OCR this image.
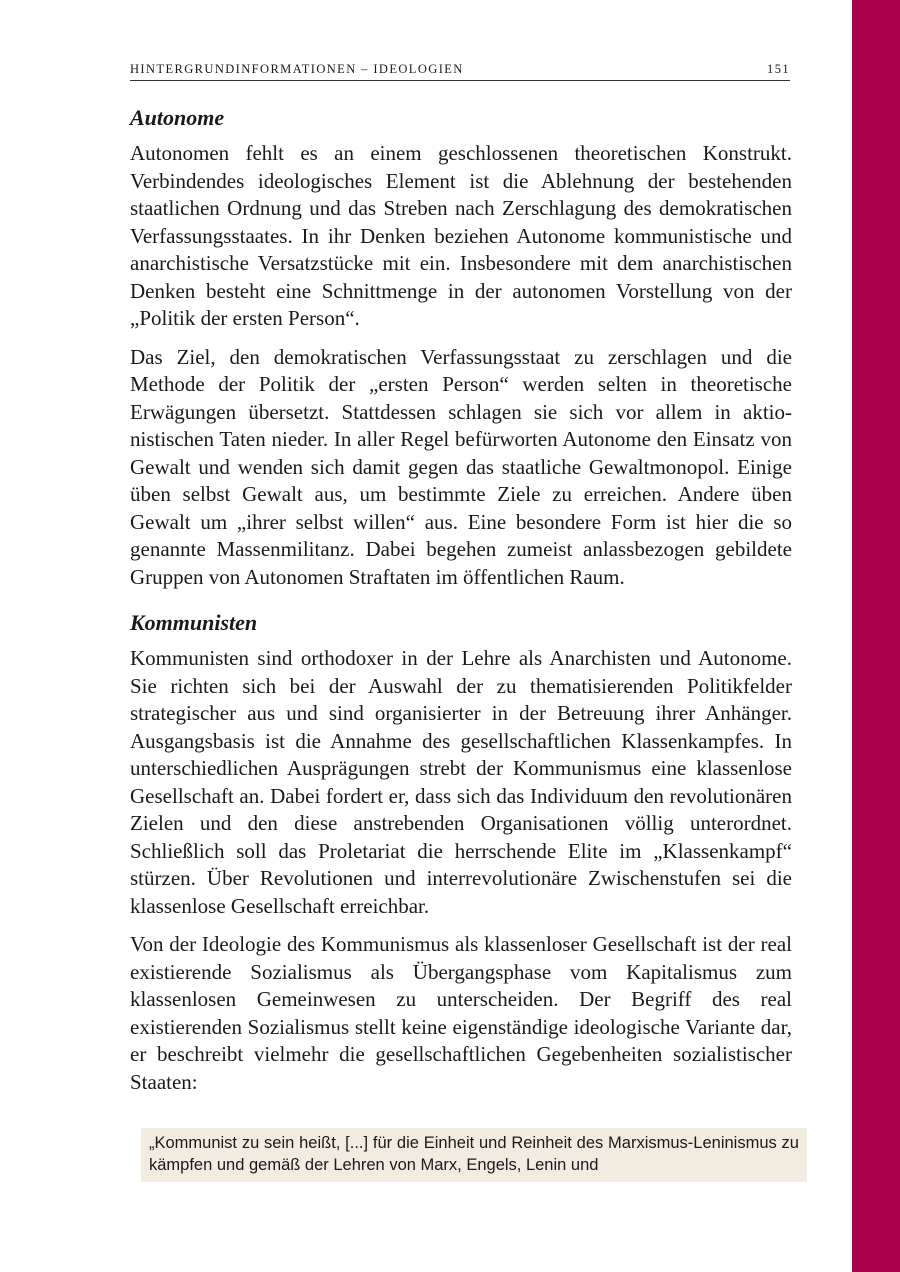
HINTERGRUNDINFORMATIONEN – IDEOLOGIEN	151
Autonome

Autonomen fehlt es an einem geschlossenen theoretischen Konstrukt. Verbindendes ideologisches Element ist die Ablehnung der bestehenden staatlichen Ordnung und das Streben nach Zerschlagung des demokratischen Verfassungsstaates. In ihr Denken beziehen Autonome kommunistische und anarchistische Versatzstücke mit ein. Insbesondere mit dem anarchistischen Denken besteht eine Schnittmenge in der autonomen Vorstellung von der „Politik der ersten Person“.

Das Ziel, den demokratischen Verfassungsstaat zu zerschlagen und die Methode der Politik der „ersten Person“ werden selten in theoretische Erwägungen übersetzt. Stattdessen schlagen sie sich vor allem in aktionistischen Taten nieder. In aller Regel befürworten Autonome den Einsatz von Gewalt und wenden sich damit gegen das staatliche Gewaltmonopol. Einige üben selbst Gewalt aus, um bestimmte Ziele zu erreichen. Andere üben Gewalt um „ihrer selbst willen“ aus. Eine besondere Form ist hier die so genannte Massenmilitanz. Dabei begehen zumeist anlassbezogen gebildete Gruppen von Autonomen Straftaten im öffentlichen Raum.

Kommunisten

Kommunisten sind orthodoxer in der Lehre als Anarchisten und Autonome. Sie richten sich bei der Auswahl der zu thematisierenden Politikfelder strategischer aus und sind organisierter in der Betreuung ihrer Anhänger. Ausgangsbasis ist die Annahme des gesellschaftlichen Klassenkampfes. In unterschiedlichen Ausprägungen strebt der Kommunismus eine klassenlose Gesellschaft an. Dabei fordert er, dass sich das Individuum den revolutionären Zielen und den diese anstrebenden Organisationen völlig unterordnet. Schließlich soll das Proletariat die herrschende Elite im „Klassenkampf“ stürzen. Über Revolutionen und interrevolutionäre Zwischenstufen sei die klassenlose Gesellschaft erreichbar.

Von der Ideologie des Kommunismus als klassenloser Gesellschaft ist der real existierende Sozialismus als Übergangsphase vom Kapitalismus zum klassenlosen Gemeinwesen zu unterscheiden. Der Begriff des real existierenden Sozialismus stellt keine eigenständige ideologische Variante dar, er beschreibt vielmehr die gesellschaftlichen Gegebenheiten sozialistischer Staaten:

„Kommunist zu sein heißt, [...] für die Einheit und Reinheit des Marxismus-Leninismus zu kämpfen und gemäß der Lehren von Marx, Engels, Lenin und
